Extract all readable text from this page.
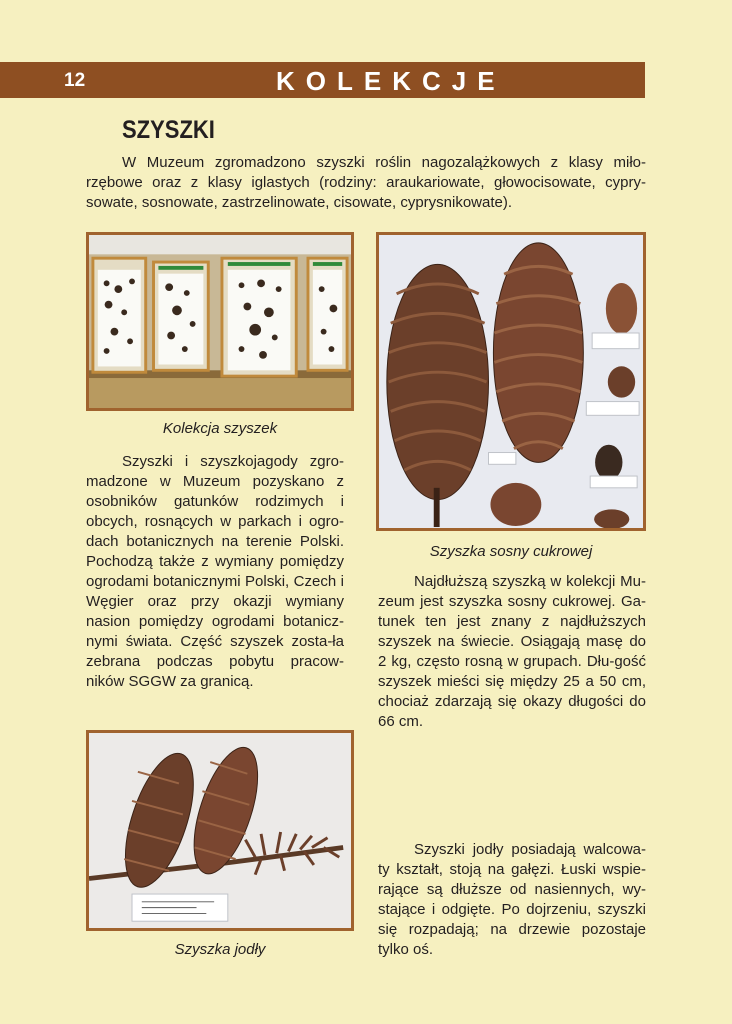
12	KOLEKCJE
SZYSZKI
W Muzeum zgromadzono szyszki roślin nagozalążkowych z klasy miło-rzębowe oraz z klasy iglastych (rodziny: araukariowate, głowocisowate, cypry-sowate, sosnowate, zastrzelinowate, cisowate, cyprysnikowate).
Kolekcja szyszek
Szyszka sosny cukrowej
Szyszki i szyszkojagody zgro-madzone w Muzeum pozyskano z osobników gatunków rodzimych i obcych, rosnących w parkach i ogro-dach botanicznych na terenie Polski. Pochodzą także z wymiany pomiędzy ogrodami botanicznymi Polski, Czech i Węgier oraz przy okazji wymiany nasion pomiędzy ogrodami botanicz-nymi świata. Część szyszek zosta-ła zebrana podczas pobytu pracow-ników SGGW za granicą.
Najdłuższą szyszką w kolekcji Mu-zeum jest szyszka sosny cukrowej. Ga-tunek ten jest znany z najdłuższych szyszek na świecie. Osiągają masę do 2 kg, często rosną w grupach. Dłu-gość szyszek mieści się między 25 a 50 cm, chociaż zdarzają się okazy długości do 66 cm.
Szyszka jodły
Szyszki jodły posiadają walcowa-ty kształt, stoją na gałęzi. Łuski wspie-rające są dłuższe od nasiennych, wy-stające i odgięte. Po dojrzeniu, szyszki się rozpadają; na drzewie pozostaje tylko oś.
